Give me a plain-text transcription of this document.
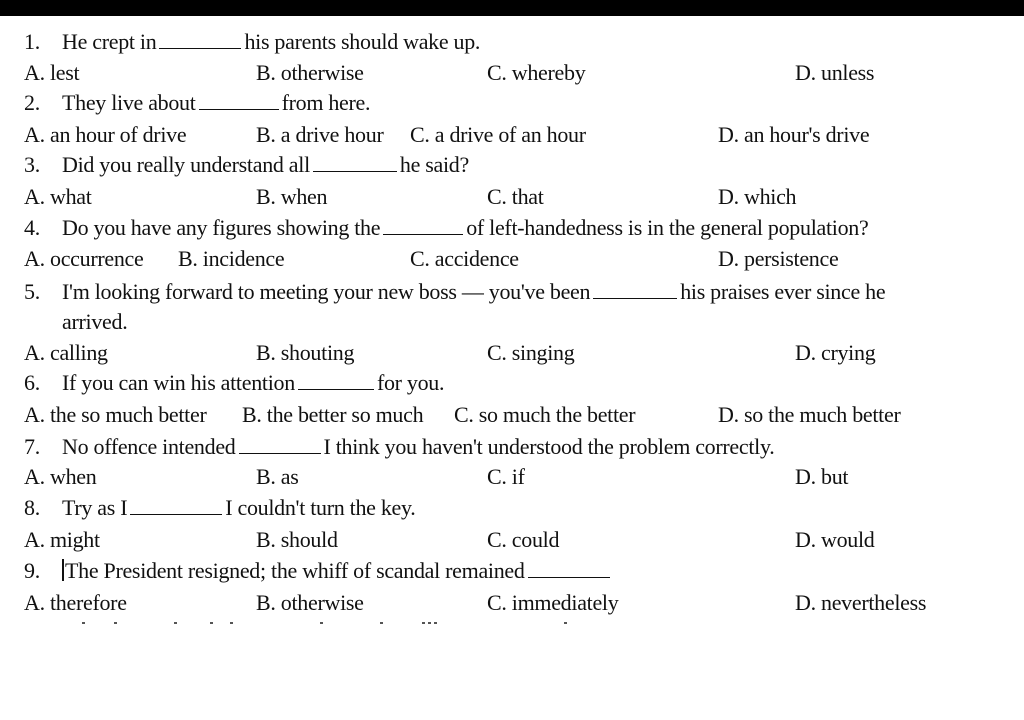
1. He crept in	his parents should wake up.
A. lest	B. otherwise	C. whereby	D. unless
2. They live about	from here.
A. an hour of drive	B. a drive hour C. a drive of an hour	D. an hour's drive
3. Did you really understand all	he said?
A. what	B. when	C. that	D. which
4. Do you have any figures showing the	of left-handedness is in the general population?
A. occurrence B. incidence	C. accidence	D. persistence
5. I'm looking forward to meeting your new boss — you've been	his praises ever since he
arrived.
A. calling	B. shouting	C. singing	D. crying
6. If you can win his attention	for you.
A. the so much better B. the better so much C. so much the better	D. so the much better
7. No offence intended	I think you haven't understood the problem correctly.
A. when	B. as	C. if	D. but
8. Try as I	I couldn't turn the key.
A. might	B. should	C. could	D. would
9. The President resigned; the whiff of scandal remained
A. therefore	B. otherwise	C. immediately	D. nevertheless
